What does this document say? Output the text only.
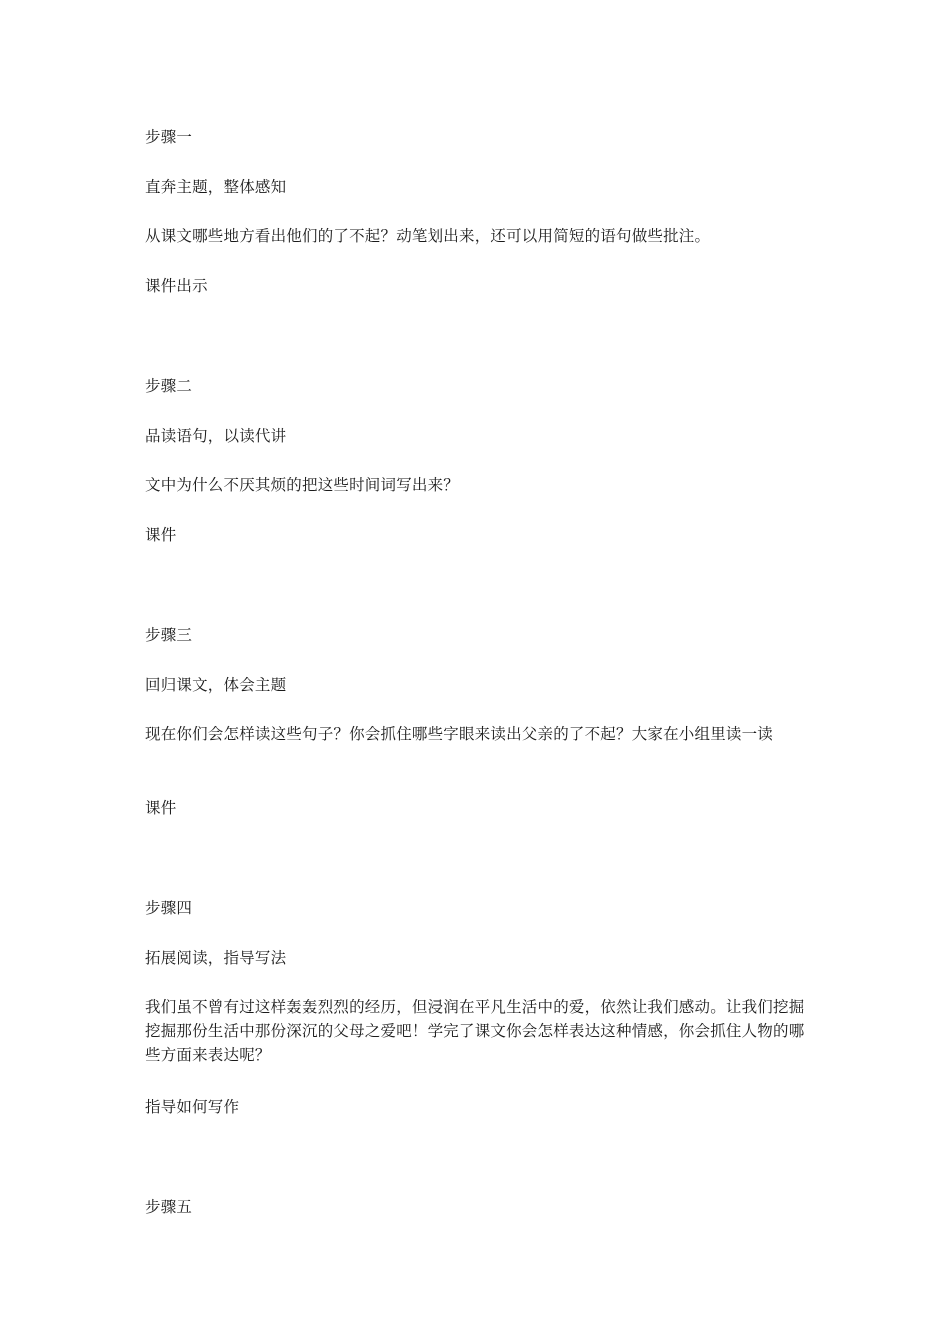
步骤一

直奔主题，整体感知

从课文哪些地方看出他们的了不起？动笔划出来，还可以用简短的语句做些批注。

课件出示

步骤二

品读语句，以读代讲

文中为什么不厌其烦的把这些时间词写出来？

课件

步骤三

回归课文，体会主题

现在你们会怎样读这些句子？你会抓住哪些字眼来读出父亲的了不起？大家在小组里读一读

课件

步骤四

拓展阅读，指导写法

我们虽不曾有过这样轰轰烈烈的经历，但浸润在平凡生活中的爱，依然让我们感动。让我们挖掘挖掘那份生活中那份深沉的父母之爱吧！学完了课文你会怎样表达这种情感，你会抓住人物的哪些方面来表达呢？

指导如何写作

步骤五
